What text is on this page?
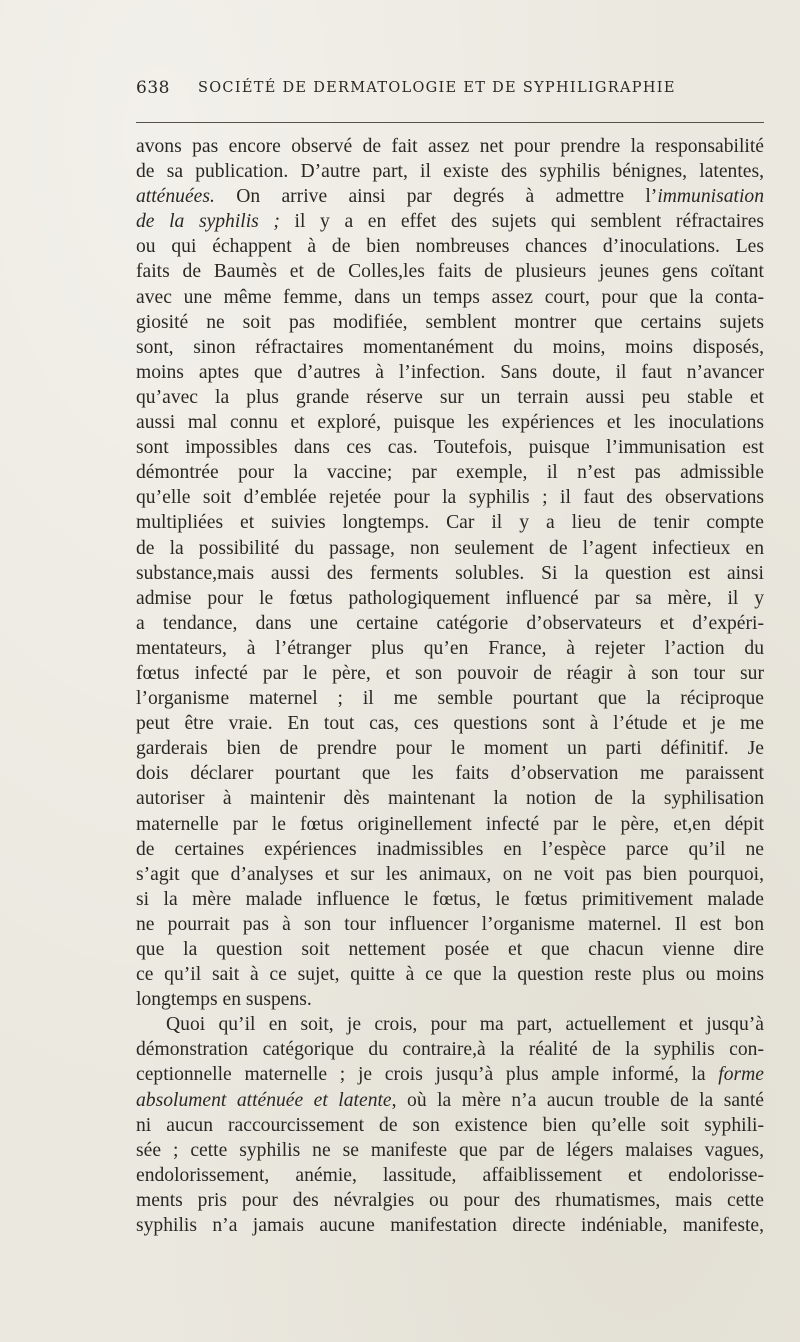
638 SOCIÉTÉ DE DERMATOLOGIE ET DE SYPHILIGRAPHIE
avons pas encore observé de fait assez net pour prendre la responsabilité
de sa publication. D’autre part, il existe des syphilis bénignes, latentes,
atténuées. On arrive ainsi par degrés à admettre l’immunisation
de la syphilis ; il y a en effet des sujets qui semblent réfractaires
ou qui échappent à de bien nombreuses chances d’inoculations. Les
faits de Baumès et de Colles,les faits de plusieurs jeunes gens coïtant
avec une même femme, dans un temps assez court, pour que la conta-
giosité ne soit pas modifiée, semblent montrer que certains sujets
sont, sinon réfractaires momentanément du moins, moins disposés,
moins aptes que d’autres à l’infection. Sans doute, il faut n’avancer
qu’avec la plus grande réserve sur un terrain aussi peu stable et
aussi mal connu et exploré, puisque les expériences et les inoculations
sont impossibles dans ces cas. Toutefois, puisque l’immunisation est
démontrée pour la vaccine; par exemple, il n’est pas admissible
qu’elle soit d’emblée rejetée pour la syphilis ; il faut des observations
multipliées et suivies longtemps. Car il y a lieu de tenir compte
de la possibilité du passage, non seulement de l’agent infectieux en
substance,mais aussi des ferments solubles. Si la question est ainsi
admise pour le fœtus pathologiquement influencé par sa mère, il y
a tendance, dans une certaine catégorie d’observateurs et d’expéri-
mentateurs, à l’étranger plus qu’en France, à rejeter l’action du
fœtus infecté par le père, et son pouvoir de réagir à son tour sur
l’organisme maternel ; il me semble pourtant que la réciproque
peut être vraie. En tout cas, ces questions sont à l’étude et je me
garderais bien de prendre pour le moment un parti définitif. Je
dois déclarer pourtant que les faits d’observation me paraissent
autoriser à maintenir dès maintenant la notion de la syphilisation
maternelle par le fœtus originellement infecté par le père, et,en dépit
de certaines expériences inadmissibles en l’espèce parce qu’il ne
s’agit que d’analyses et sur les animaux, on ne voit pas bien pourquoi,
si la mère malade influence le fœtus, le fœtus primitivement malade
ne pourrait pas à son tour influencer l’organisme maternel. Il est bon
que la question soit nettement posée et que chacun vienne dire
ce qu’il sait à ce sujet, quitte à ce que la question reste plus ou moins
longtemps en suspens.
Quoi qu’il en soit, je crois, pour ma part, actuellement et jusqu’à
démonstration catégorique du contraire,à la réalité de la syphilis con-
ceptionnelle maternelle ; je crois jusqu’à plus ample informé, la forme
absolument atténuée et latente, où la mère n’a aucun trouble de la santé
ni aucun raccourcissement de son existence bien qu’elle soit syphili-
sée ; cette syphilis ne se manifeste que par de légers malaises vagues,
endolorissement, anémie, lassitude, affaiblissement et endolorisse-
ments pris pour des névralgies ou pour des rhumatismes, mais cette
syphilis n’a jamais aucune manifestation directe indéniable, manifeste,
